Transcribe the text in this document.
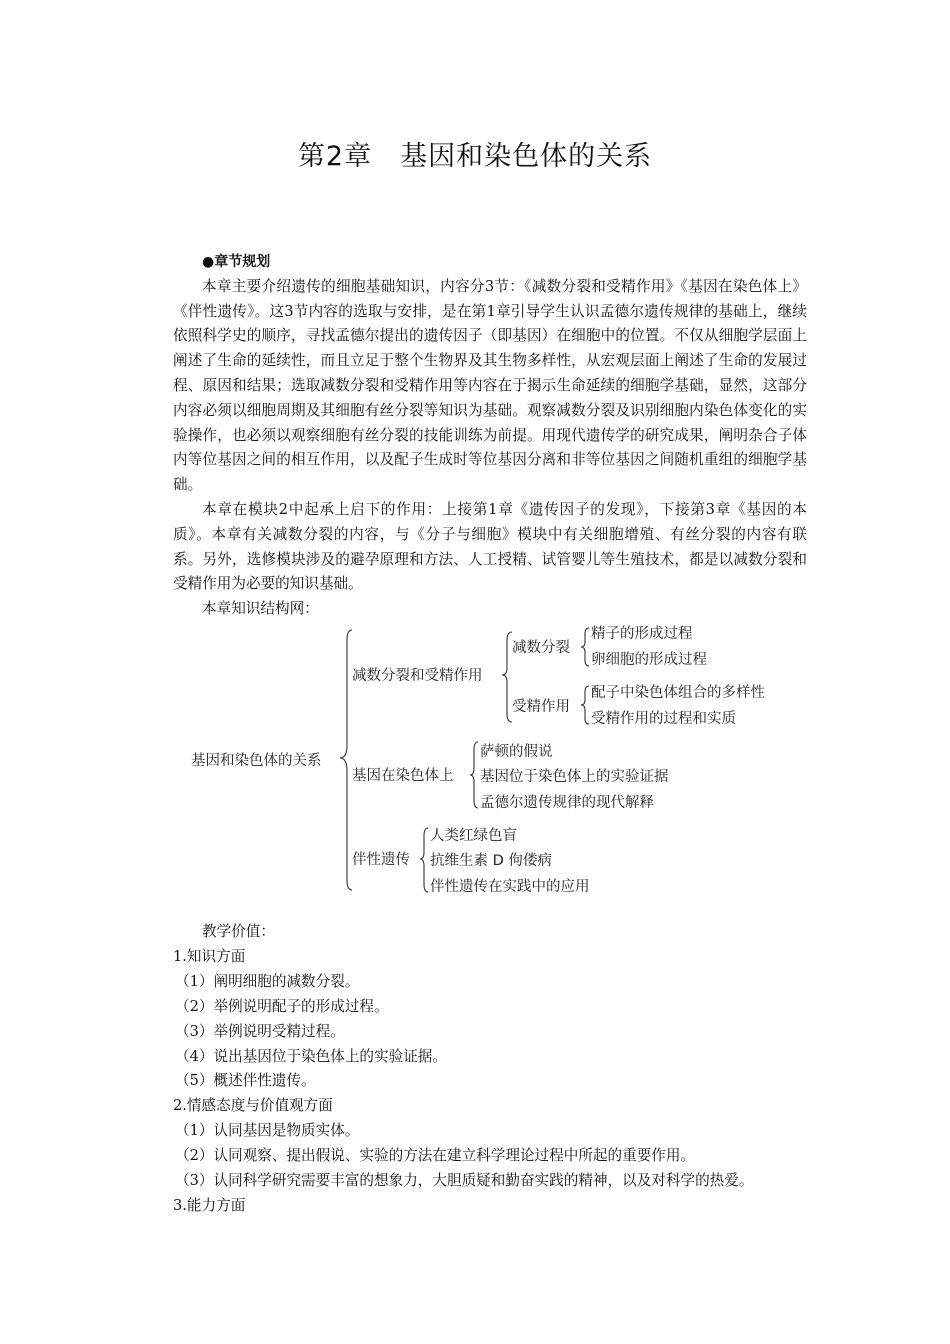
第2章 基因和染色体的关系

●章节规划

本章主要介绍遗传的细胞基础知识，内容分3节：《减数分裂和受精作用》《基因在染色体上》《伴性遗传》。这3节内容的选取与安排，是在第1章引导学生认识孟德尔遗传规律的基础上，继续依照科学史的顺序，寻找孟德尔提出的遗传因子（即基因）在细胞中的位置。不仅从细胞学层面上阐述了生命的延续性，而且立足于整个生物界及其生物多样性，从宏观层面上阐述了生命的发展过程、原因和结果；选取减数分裂和受精作用等内容在于揭示生命延续的细胞学基础，显然，这部分内容必须以细胞周期及其细胞有丝分裂等知识为基础。观察减数分裂及识别细胞内染色体变化的实验操作，也必须以观察细胞有丝分裂的技能训练为前提。用现代遗传学的研究成果，阐明杂合子体内等位基因之间的相互作用，以及配子生成时等位基因分离和非等位基因之间随机重组的细胞学基础。

本章在模块2中起承上启下的作用：上接第1章《遗传因子的发现》，下接第3章《基因的本质》。本章有关减数分裂的内容，与《分子与细胞》模块中有关细胞增殖、有丝分裂的内容有联系。另外，选修模块涉及的避孕原理和方法、人工授精、试管婴儿等生殖技术，都是以减数分裂和受精作用为必要的知识基础。

本章知识结构网：

基因和染色体的关系
减数分裂和受精作用
减数分裂
精子的形成过程
卵细胞的形成过程
受精作用
配子中染色体组合的多样性
受精作用的过程和实质
基因在染色体上
萨顿的假说
基因位于染色体上的实验证据
孟德尔遗传规律的现代解释
伴性遗传
人类红绿色盲
抗维生素 D 佝偻病
伴性遗传在实践中的应用

教学价值：

1.知识方面

（1）阐明细胞的减数分裂。

（2）举例说明配子的形成过程。

（3）举例说明受精过程。

（4）说出基因位于染色体上的实验证据。

（5）概述伴性遗传。

2.情感态度与价值观方面

（1）认同基因是物质实体。

（2）认同观察、提出假说、实验的方法在建立科学理论过程中所起的重要作用。

（3）认同科学研究需要丰富的想象力，大胆质疑和勤奋实践的精神，以及对科学的热爱。

3.能力方面
